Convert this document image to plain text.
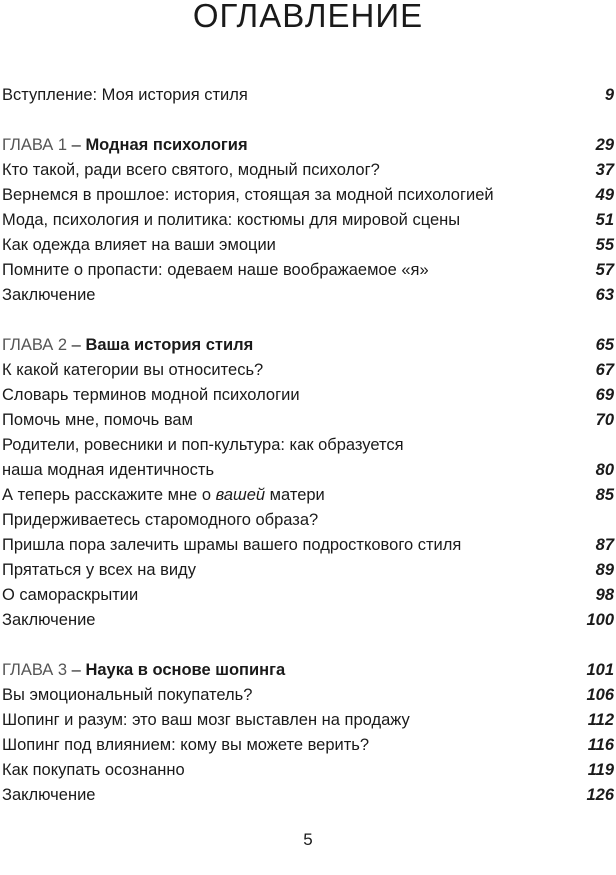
ОГЛАВЛЕНИЕ
Вступление: Моя история стиля	9
ГЛАВА 1 – Модная психология	29
Кто такой, ради всего святого, модный психолог?	37
Вернемся в прошлое: история, стоящая за модной психологией	49
Мода, психология и политика: костюмы для мировой сцены	51
Как одежда влияет на ваши эмоции	55
Помните о пропасти: одеваем наше воображаемое «я»	57
Заключение	63
ГЛАВА 2 – Ваша история стиля	65
К какой категории вы относитесь?	67
Словарь терминов модной психологии	69
Помочь мне, помочь вам	70
Родители, ровесники и поп-культура: как образуется
наша модная идентичность	80
А теперь расскажите мне о вашей матери	85
Придерживаетесь старомодного образа?
Пришла пора залечить шрамы вашего подросткового стиля	87
Прятаться у всех на виду	89
О самораскрытии	98
Заключение	100
ГЛАВА 3 – Наука в основе шопинга	101
Вы эмоциональный покупатель?	106
Шопинг и разум: это ваш мозг выставлен на продажу	112
Шопинг под влиянием: кому вы можете верить?	116
Как покупать осознанно	119
Заключение	126
5
